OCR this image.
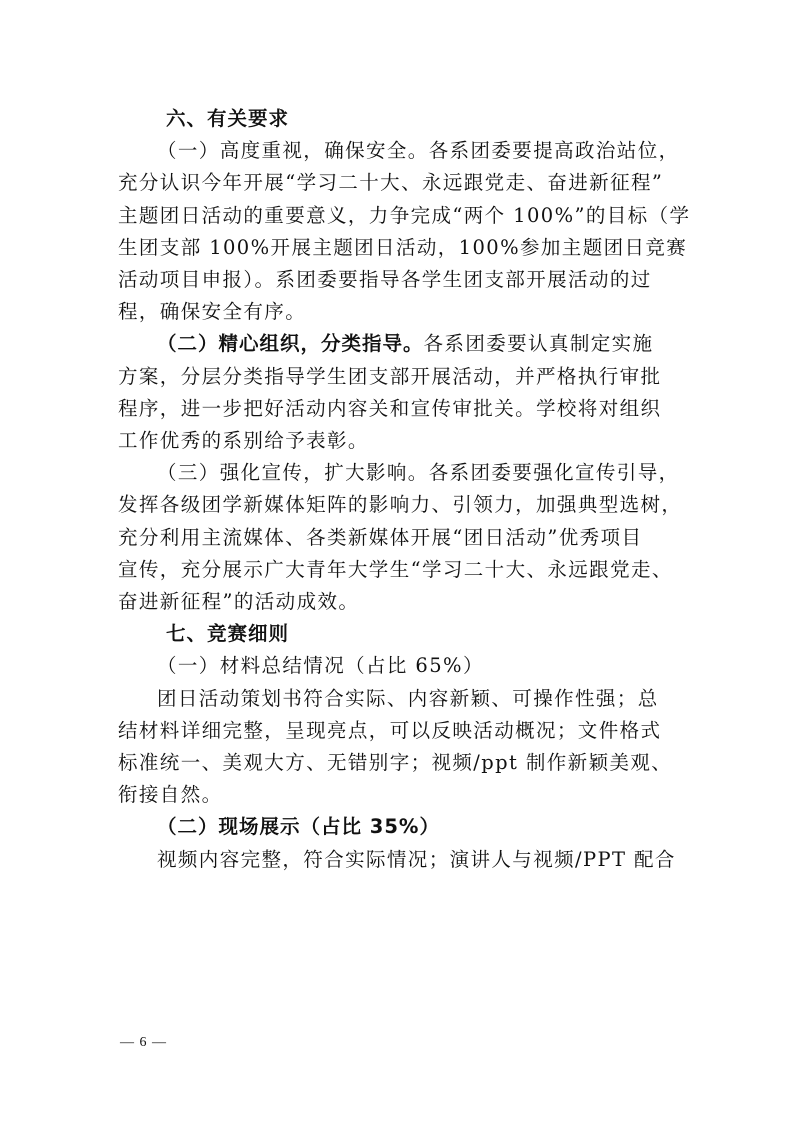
六、有关要求
（一）高度重视，确保安全。各系团委要提高政治站位，
充分认识今年开展“学习二十大、永远跟党走、奋进新征程”
主题团日活动的重要意义，力争完成“两个 100%”的目标（学
生团支部 100%开展主题团日活动，100%参加主题团日竞赛
活动项目申报）。系团委要指导各学生团支部开展活动的过
程，确保安全有序。
（二）精心组织，分类指导。各系团委要认真制定实施
方案，分层分类指导学生团支部开展活动，并严格执行审批
程序，进一步把好活动内容关和宣传审批关。学校将对组织
工作优秀的系别给予表彰。
（三）强化宣传，扩大影响。各系团委要强化宣传引导，
发挥各级团学新媒体矩阵的影响力、引领力，加强典型选树，
充分利用主流媒体、各类新媒体开展“团日活动”优秀项目
宣传，充分展示广大青年大学生“学习二十大、永远跟党走、
奋进新征程”的活动成效。
七、竞赛细则
（一）材料总结情况（占比 65%）
团日活动策划书符合实际、内容新颖、可操作性强；总
结材料详细完整，呈现亮点，可以反映活动概况；文件格式
标准统一、美观大方、无错别字；视频/ppt 制作新颖美观、
衔接自然。
（二）现场展示（占比 35%）
视频内容完整，符合实际情况；演讲人与视频/PPT 配合
— 6 —
